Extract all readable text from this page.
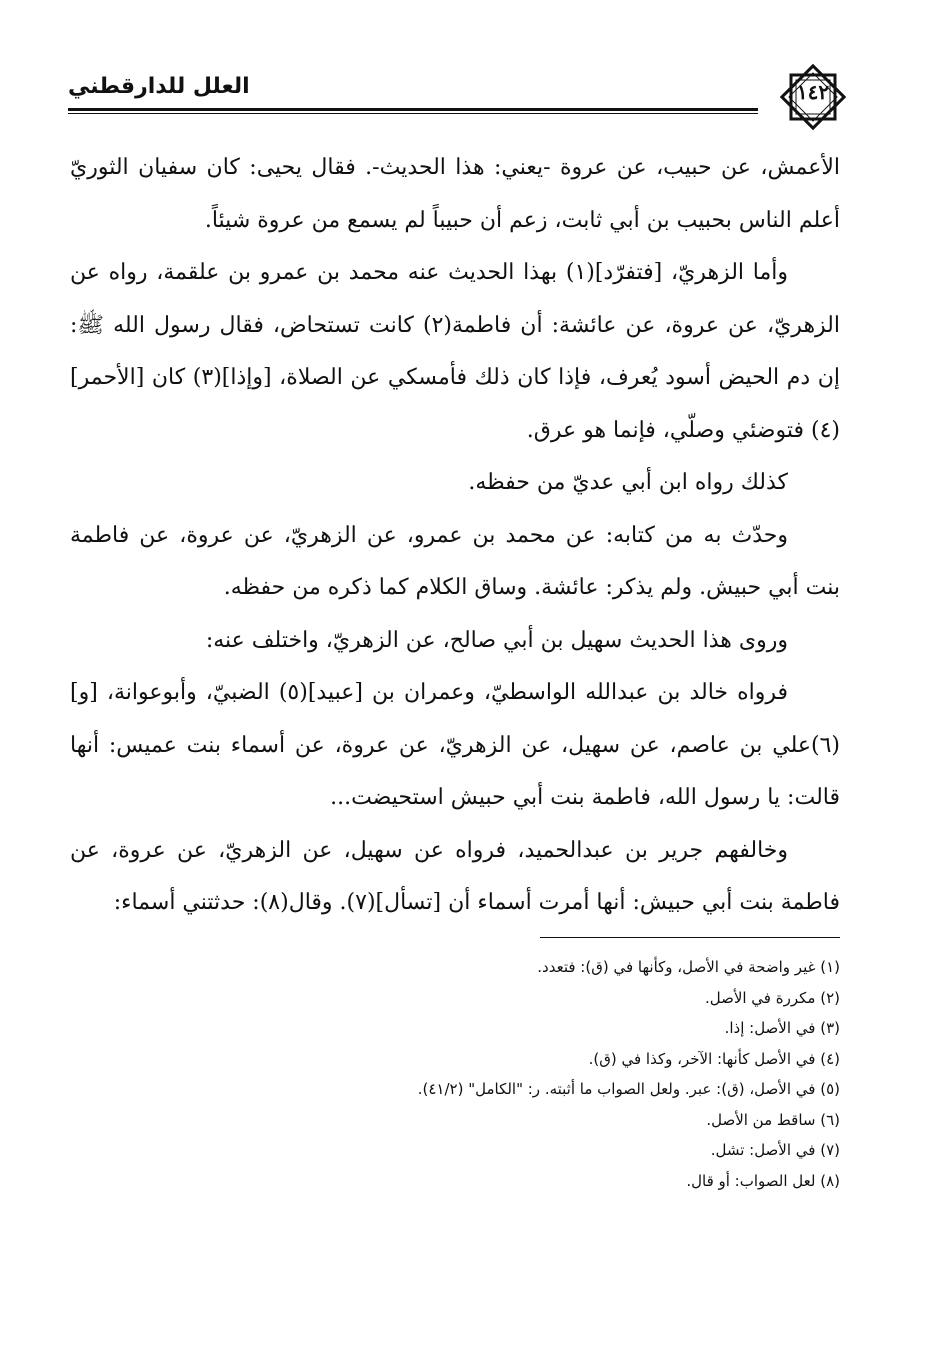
العلل للدارقطني	١٤٢

الأعمش، عن حبيب، عن عروة -يعني: هذا الحديث-. فقال يحيى: كان سفيان الثوريّ أعلم الناس بحبيب بن أبي ثابت، زعم أن حبيباً لم يسمع من عروة شيئاً.

وأما الزهريّ، [فتفرّد](١) بهذا الحديث عنه محمد بن عمرو بن علقمة، رواه عن الزهريّ، عن عروة، عن عائشة: أن فاطمة(٢) كانت تستحاض، فقال رسول الله ﷺ: إن دم الحيض أسود يُعرف، فإذا كان ذلك فأمسكي عن الصلاة، [وإذا](٣) كان [الأحمر](٤) فتوضئي وصلّي، فإنما هو عرق.

كذلك رواه ابن أبي عديّ من حفظه.

وحدّث به من كتابه: عن محمد بن عمرو، عن الزهريّ، عن عروة، عن فاطمة بنت أبي حبيش. ولم يذكر: عائشة. وساق الكلام كما ذكره من حفظه.

وروى هذا الحديث سهيل بن أبي صالح، عن الزهريّ، واختلف عنه:

فرواه خالد بن عبدالله الواسطيّ، وعمران بن [عبيد](٥) الضبيّ، وأبوعوانة، [و](٦)علي بن عاصم، عن سهيل، عن الزهريّ، عن عروة، عن أسماء بنت عميس: أنها قالت: يا رسول الله، فاطمة بنت أبي حبيش استحيضت...

وخالفهم جرير بن عبدالحميد، فرواه عن سهيل، عن الزهريّ، عن عروة، عن فاطمة بنت أبي حبيش: أنها أمرت أسماء أن [تسأل](٧). وقال(٨): حدثتني أسماء:

(١) غير واضحة في الأصل، وكأنها في (ق): فتعدد.
(٢) مكررة في الأصل.
(٣) في الأصل: إذا.
(٤) في الأصل كأنها: الآخر، وكذا في (ق).
(٥) في الأصل، (ق): عبر. ولعل الصواب ما أثبته. ر: "الكامل" (٤١/٢).
(٦) ساقط من الأصل.
(٧) في الأصل: تشل.
(٨) لعل الصواب: أو قال.
